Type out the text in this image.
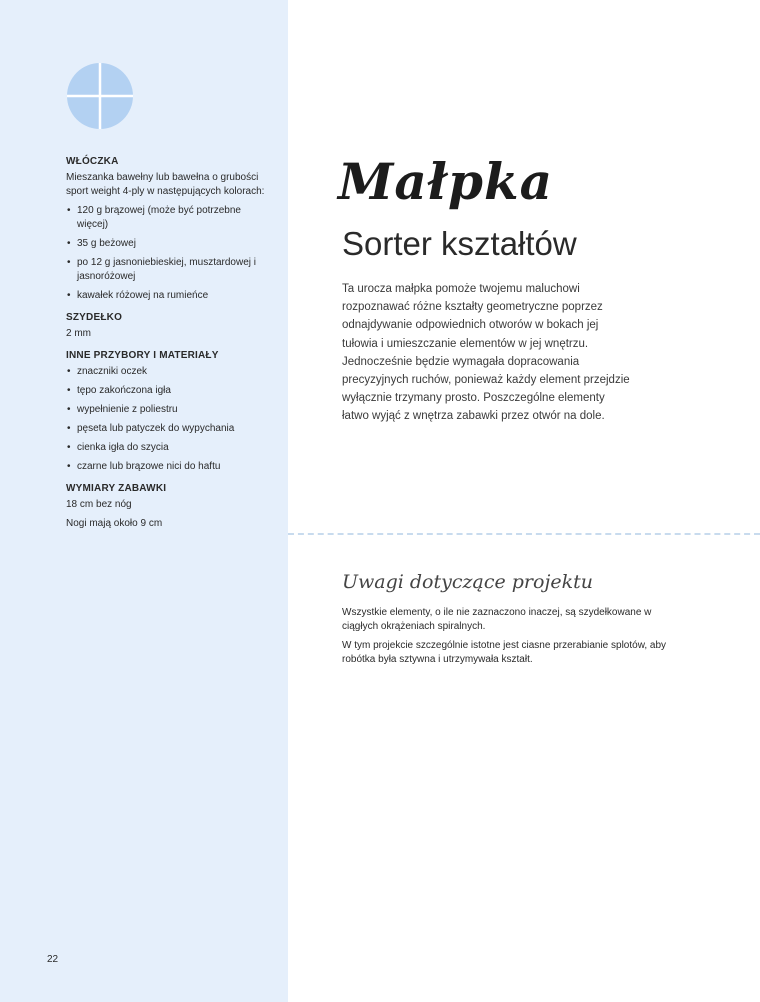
WŁÓCZKA
Mieszanka bawełny lub bawełna o grubości sport weight 4-ply w następujących kolorach:
• 120 g brązowej (może być potrzebne więcej)
• 35 g beżowej
• po 12 g jasnoniebieskiej, musztardowej i jasnoróżowej
• kawałek różowej na rumieńce
SZYDEŁKO
2 mm
INNE PRZYBORY I MATERIAŁY
• znaczniki oczek
• tępo zakończona igła
• wypełnienie z poliestru
• pęseta lub patyczek do wypychania
• cienka igła do szycia
• czarne lub brązowe nici do haftu
WYMIARY ZABAWKI
18 cm bez nóg
Nogi mają około 9 cm
22
Małpka
Sorter kształtów
Ta urocza małpka pomoże twojemu maluchowi rozpoznawać różne kształty geometryczne poprzez odnajdywanie odpowiednich otworów w bokach jej tułowia i umieszczanie elementów w jej wnętrzu. Jednocześnie będzie wymagała dopracowania precyzyjnych ruchów, ponieważ każdy element przejdzie wyłącznie trzymany prosto. Poszczególne elementy łatwo wyjąć z wnętrza zabawki przez otwór na dole.
Uwagi dotyczące projektu

Wszystkie elementy, o ile nie zaznaczono inaczej, są szydełkowane w ciągłych okrążeniach spiralnych.

W tym projekcie szczególnie istotne jest ciasne przerabianie splotów, aby robótka była sztywna i utrzymywała kształt.
